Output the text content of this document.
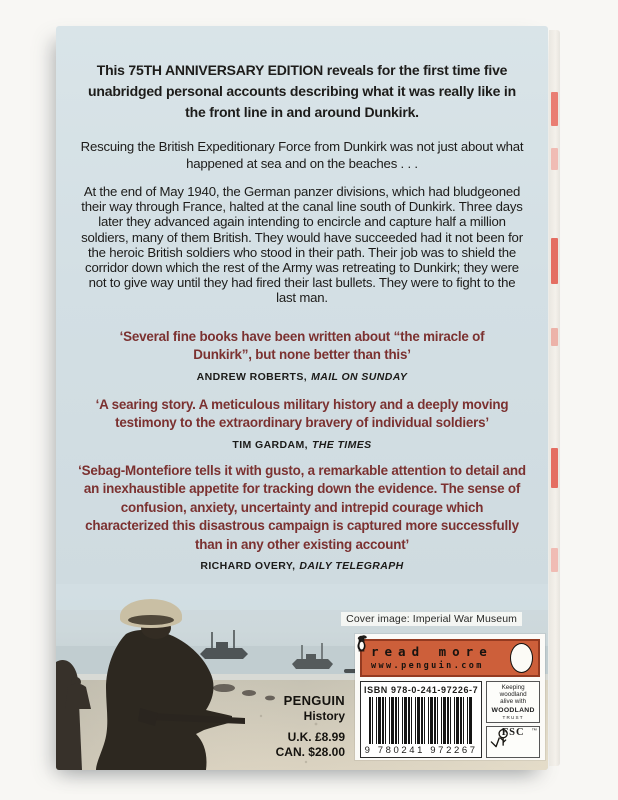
This 75TH ANNIVERSARY EDITION reveals for the first time five unabridged personal accounts describing what it was really like in the front line in and around Dunkirk.

Rescuing the British Expeditionary Force from Dunkirk was not just about what happened at sea and on the beaches . . .

At the end of May 1940, the German panzer divisions, which had bludgeoned their way through France, halted at the canal line south of Dunkirk. Three days later they advanced again intending to encircle and capture half a million soldiers, many of them British. They would have succeeded had it not been for the heroic British soldiers who stood in their path. Their job was to shield the corridor down which the rest of the Army was retreating to Dunkirk; they were not to give way until they had fired their last bullets. They were to fight to the last man.

‘Several fine books have been written about “the miracle of Dunkirk”, but none better than this’

ANDREW ROBERTS, MAIL ON SUNDAY

‘A searing story. A meticulous military history and a deeply moving testimony to the extraordinary bravery of individual soldiers’

TIM GARDAM, THE TIMES

‘Sebag-Montefiore tells it with gusto, a remarkable attention to detail and an inexhaustible appetite for tracking down the evidence. The sense of confusion, anxiety, uncertainty and intrepid courage which characterized this disastrous campaign is captured more successfully than in any other existing account’

RICHARD OVERY, DAILY TELEGRAPH

Cover image: Imperial War Museum
read more
www.penguin.com
ISBN 978-0-241-97226-7
9 780241 972267
Keeping
woodland
alive with
WOODLAND
TRUST
™
FSC
PENGUIN
History
U.K. £8.99
CAN. $28.00
